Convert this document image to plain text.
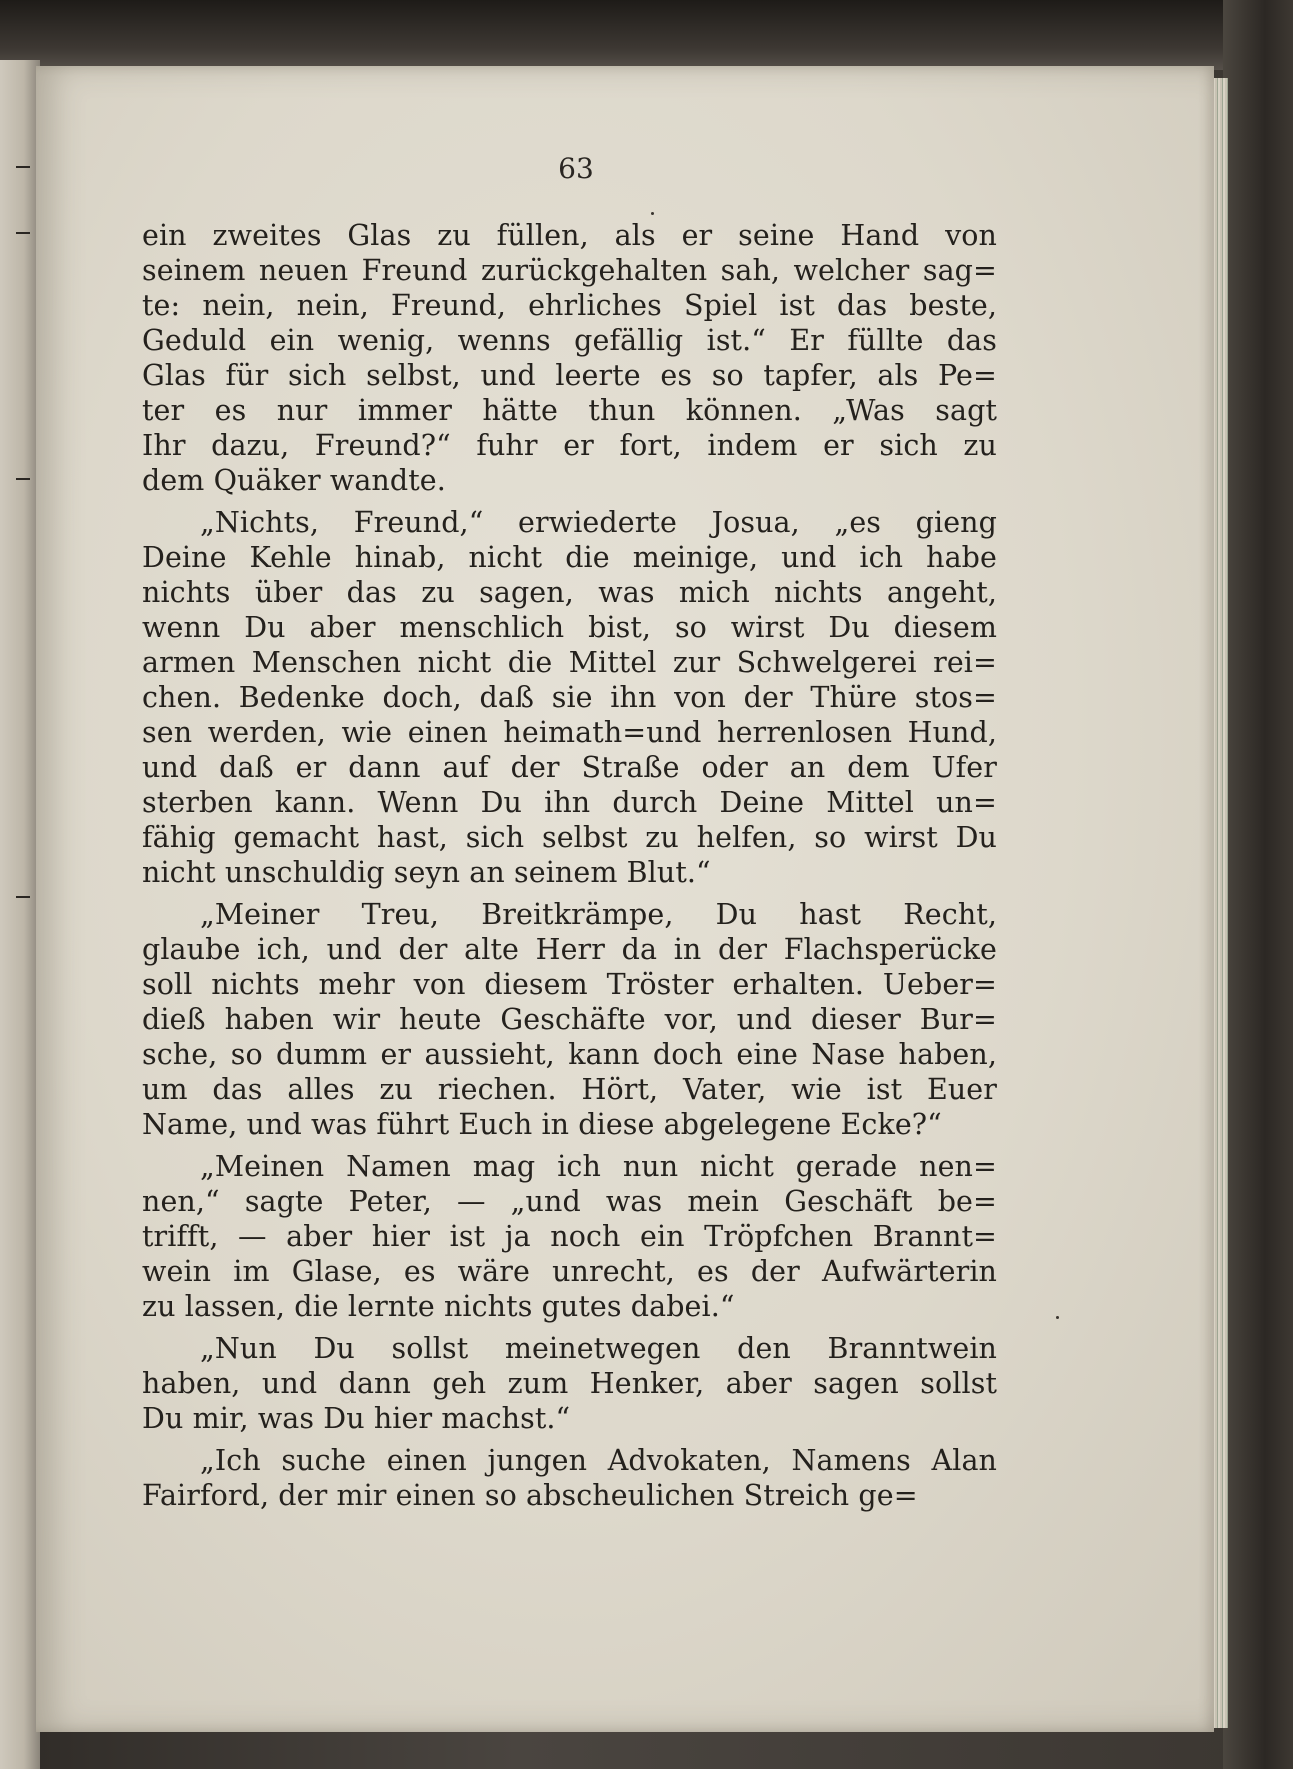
63
ein zweites Glas zu füllen, als er seine Hand von
seinem neuen Freund zurückgehalten sah, welcher sag=
te: nein, nein, Freund, ehrliches Spiel ist das beste,
Geduld ein wenig, wenns gefällig ist.“ Er füllte das
Glas für sich selbst, und leerte es so tapfer, als Pe=
ter es nur immer hätte thun können. „Was sagt
Ihr dazu, Freund?“ fuhr er fort, indem er sich zu
dem Quäker wandte.
„Nichts, Freund,“ erwiederte Josua, „es gieng
Deine Kehle hinab, nicht die meinige, und ich habe
nichts über das zu sagen, was mich nichts angeht,
wenn Du aber menschlich bist, so wirst Du diesem
armen Menschen nicht die Mittel zur Schwelgerei rei=
chen. Bedenke doch, daß sie ihn von der Thüre stos=
sen werden, wie einen heimath=und herrenlosen Hund,
und daß er dann auf der Straße oder an dem Ufer
sterben kann. Wenn Du ihn durch Deine Mittel un=
fähig gemacht hast, sich selbst zu helfen, so wirst Du
nicht unschuldig seyn an seinem Blut.“
„Meiner Treu, Breitkrämpe, Du hast Recht,
glaube ich, und der alte Herr da in der Flachsperücke
soll nichts mehr von diesem Tröster erhalten. Ueber=
dieß haben wir heute Geschäfte vor, und dieser Bur=
sche, so dumm er aussieht, kann doch eine Nase haben,
um das alles zu riechen. Hört, Vater, wie ist Euer
Name, und was führt Euch in diese abgelegene Ecke?“
„Meinen Namen mag ich nun nicht gerade nen=
nen,“ sagte Peter, — „und was mein Geschäft be=
trifft, — aber hier ist ja noch ein Tröpfchen Brannt=
wein im Glase, es wäre unrecht, es der Aufwärterin
zu lassen, die lernte nichts gutes dabei.“
„Nun Du sollst meinetwegen den Branntwein
haben, und dann geh zum Henker, aber sagen sollst
Du mir, was Du hier machst.“
„Ich suche einen jungen Advokaten, Namens Alan
Fairford, der mir einen so abscheulichen Streich ge=
